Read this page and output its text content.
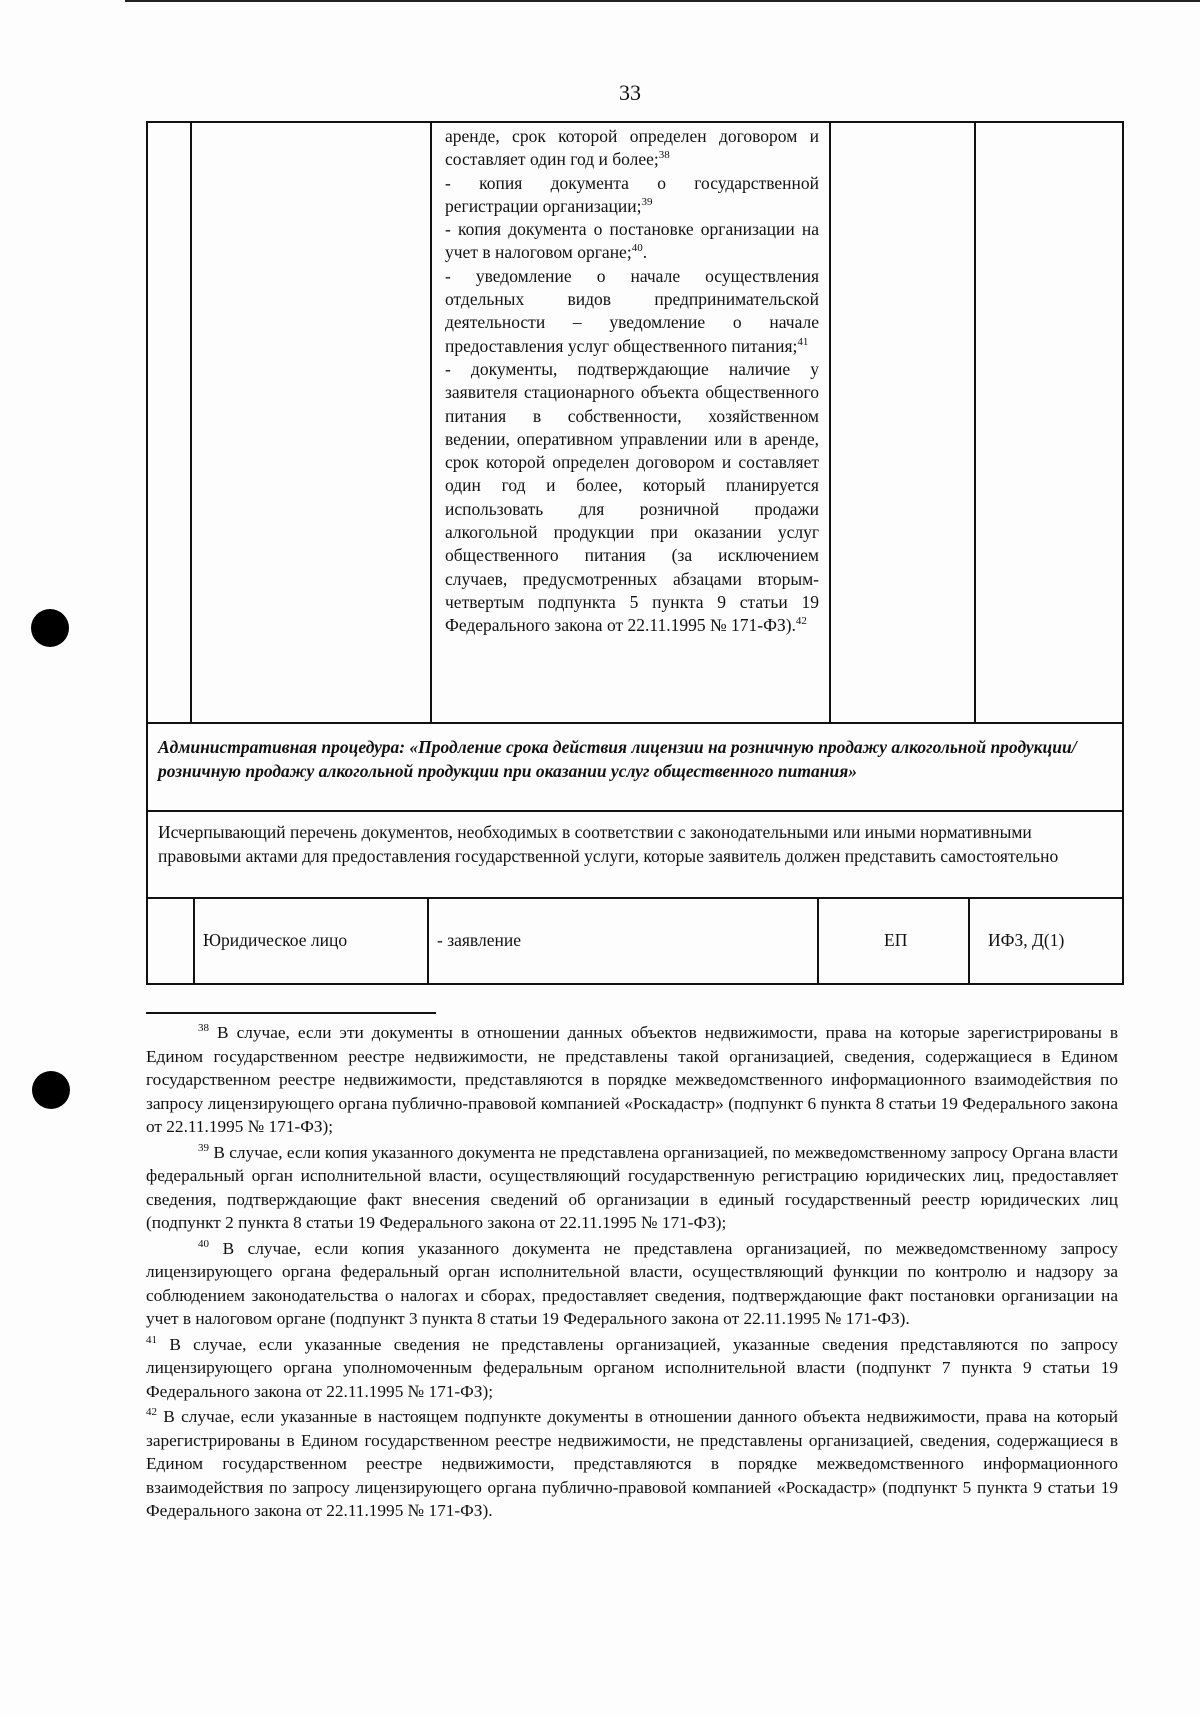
33

аренде, срок которой определен договором и составляет один год и более;$^{38}$

- копия документа о государственной регистрации организации;$^{39}$

- копия документа о постановке организации на учет в налоговом органе;$^{40}$.

- уведомление о начале осуществления отдельных видов предпринимательской деятельности – уведомление о начале предоставления услуг общественного питания;$^{41}$

- документы, подтверждающие наличие у заявителя стационарного объекта общественного питания в собственности, хозяйственном ведении, оперативном управлении или в аренде, срок которой определен договором и составляет один год и более, который планируется использовать для розничной продажи алкогольной продукции при оказании услуг общественного питания (за исключением случаев, предусмотренных абзацами вторым-четвертым подпункта 5 пункта 9 статьи 19 Федерального закона от 22.11.1995 № 171-ФЗ).$^{42}$

Административная процедура: «Продление срока действия лицензии на розничную продажу алкогольной продукции/розничную продажу алкогольной продукции при оказании услуг общественного питания»
Исчерпывающий перечень документов, необходимых в соответствии с законодательными или иными нормативными правовыми актами для предоставления государственной услуги, которые заявитель должен представить самостоятельно
Юридическое лицо	- заявление	ЕП	ИФЗ, Д(1)

$^{38}$ В случае, если эти документы в отношении данных объектов недвижимости, права на которые зарегистрированы в Едином государственном реестре недвижимости, не представлены такой организацией, сведения, содержащиеся в Едином государственном реестре недвижимости, представляются в порядке межведомственного информационного взаимодействия по запросу лицензирующего органа публично-правовой компанией «Роскадастр» (подпункт 6 пункта 8 статьи 19 Федерального закона от 22.11.1995 № 171-ФЗ);

$^{39}$ В случае, если копия указанного документа не представлена организацией, по межведомственному запросу Органа власти федеральный орган исполнительной власти, осуществляющий государственную регистрацию юридических лиц, предоставляет сведения, подтверждающие факт внесения сведений об организации в единый государственный реестр юридических лиц (подпункт 2 пункта 8 статьи 19 Федерального закона от 22.11.1995 № 171-ФЗ);

$^{40}$ В случае, если копия указанного документа не представлена организацией, по межведомственному запросу лицензирующего органа федеральный орган исполнительной власти, осуществляющий функции по контролю и надзору за соблюдением законодательства о налогах и сборах, предоставляет сведения, подтверждающие факт постановки организации на учет в налоговом органе (подпункт 3 пункта 8 статьи 19 Федерального закона от 22.11.1995 № 171-ФЗ).

$^{41}$ В случае, если указанные сведения не представлены организацией, указанные сведения представляются по запросу лицензирующего органа уполномоченным федеральным органом исполнительной власти (подпункт 7 пункта 9 статьи 19 Федерального закона от 22.11.1995 № 171-ФЗ);

$^{42}$ В случае, если указанные в настоящем подпункте документы в отношении данного объекта недвижимости, права на который зарегистрированы в Едином государственном реестре недвижимости, не представлены организацией, сведения, содержащиеся в Едином государственном реестре недвижимости, представляются в порядке межведомственного информационного взаимодействия по запросу лицензирующего органа публично-правовой компанией «Роскадастр» (подпункт 5 пункта 9 статьи 19 Федерального закона от 22.11.1995 № 171-ФЗ).
